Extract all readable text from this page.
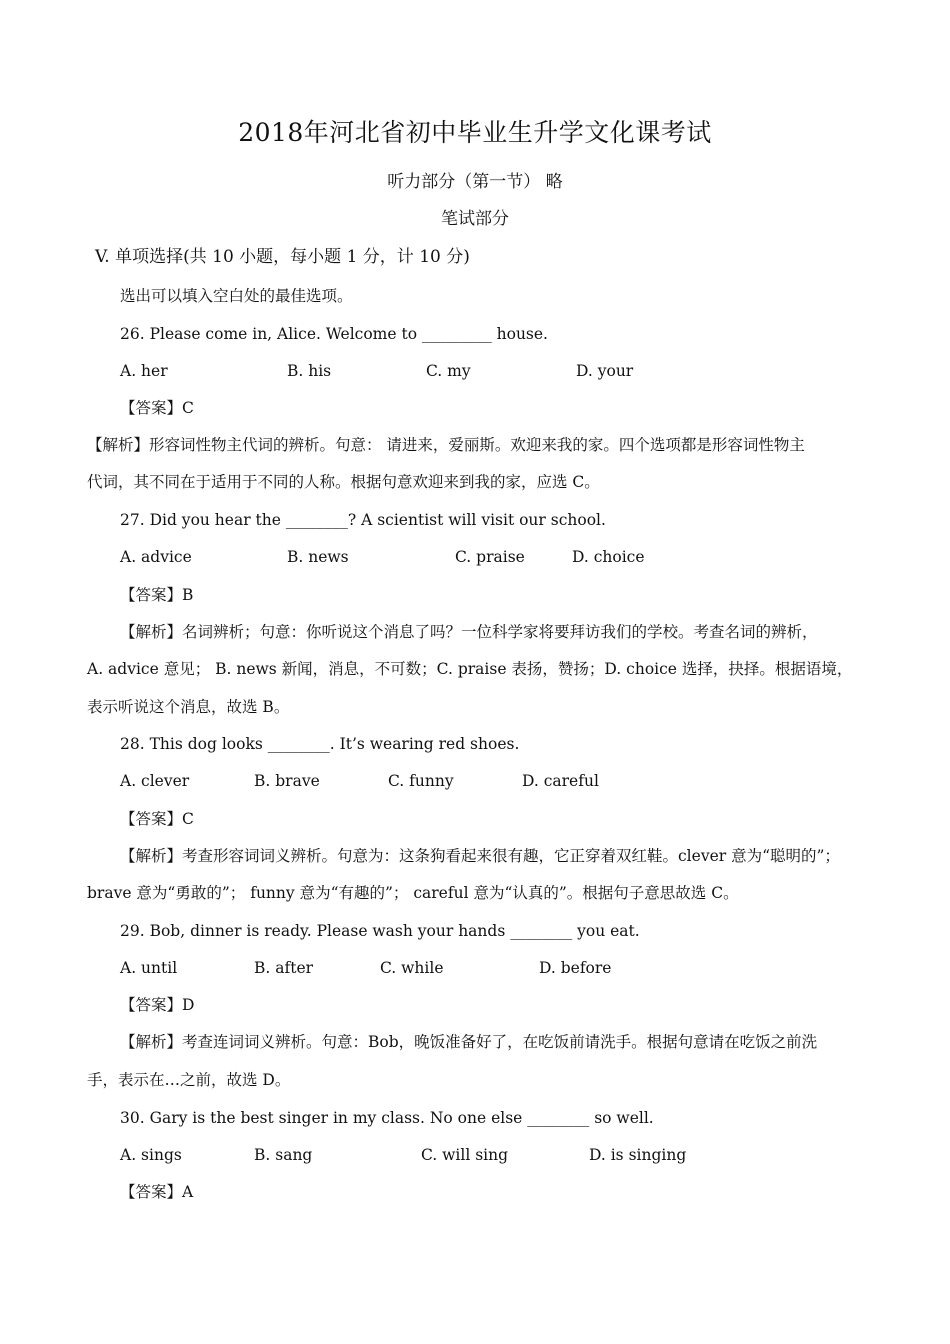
2018年河北省初中毕业生升学文化课考试
听力部分（第一节） 略
笔试部分
V. 单项选择(共 10 小题，每小题 1 分，计 10 分)
选出可以填入空白处的最佳选项。
26. Please come in, Alice. Welcome to _________ house.
A. her	B. his	C. my	D. your
【答案】C
【解析】形容词性物主代词的辨析。句意： 请进来，爱丽斯。欢迎来我的家。四个选项都是形容词性物主
代词，其不同在于适用于不同的人称。根据句意欢迎来到我的家，应选 C。
27. Did you hear the ________? A scientist will visit our school.
A. advice	B. news	C. praise	D. choice
【答案】B
【解析】名词辨析；句意：你听说这个消息了吗？一位科学家将要拜访我们的学校。考查名词的辨析，
A. advice 意见； B. news 新闻，消息，不可数；C. praise 表扬，赞扬；D. choice 选择，抉择。根据语境，
表示听说这个消息，故选 B。
28. This dog looks ________. It’s wearing red shoes.
A. clever	B. brave	C. funny	D. careful
【答案】C
【解析】考查形容词词义辨析。句意为：这条狗看起来很有趣，它正穿着双红鞋。clever 意为“聪明的”；
brave 意为“勇敢的”； funny 意为“有趣的”； careful 意为“认真的”。根据句子意思故选 C。
29. Bob, dinner is ready. Please wash your hands ________ you eat.
A. until	B. after	C. while	D. before
【答案】D
【解析】考查连词词义辨析。句意：Bob，晚饭准备好了，在吃饭前请洗手。根据句意请在吃饭之前洗
手，表示在…之前，故选 D。
30. Gary is the best singer in my class. No one else ________ so well.
A. sings	B. sang	C. will sing	D. is singing
【答案】A
